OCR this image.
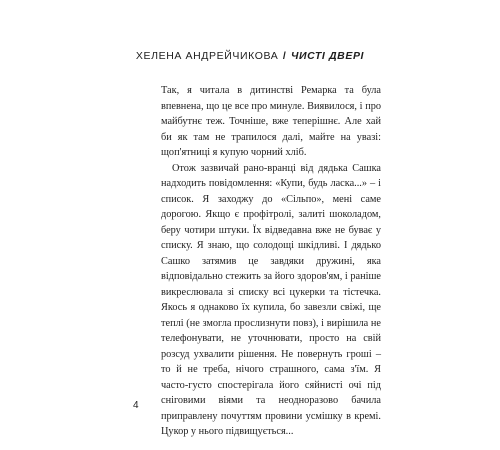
ХЕЛЕНА АНДРЕЙЧИКОВА / ЧИСТІ ДВЕРІ

Так, я читала в дитинстві Ремарка та була впевнена, що це все про минуле. Виявилося, і про майбутнє теж. Точніше, вже теперішнє. Але хай би як там не трапилося далі, майте на увазі: щоп'ятниці я купую чорний хліб.

Отож зазвичай рано-вранці від дядька Сашка надходить повідомлення: «Купи, будь ласка...» – і список. Я заходжу до «Сільпо», мені саме дорогою. Якщо є профітролі, залиті шоколадом, беру чотири штуки. Їх відведавна вже не буває у списку. Я знаю, що солодощі шкідливі. І дядько Сашко затямив це завдяки дружині, яка відповідально стежить за його здоров'ям, і раніше викреслювала зі списку всі цукерки та тістечка. Якось я однаково їх купила, бо завезли свіжі, ще теплі (не змогла прослизнути повз), і вирішила не телефонувати, не уточнювати, просто на свій розсуд ухвалити рішення. Не повернуть гроші – то й не треба, нічого страшного, сама з'їм. Я часто-густо спостерігала його сяйнисті очі під сніговими віями та неодноразово бачила приправлену почуттям провини усмішку в кремі. Цукор у нього підвищується...

4
